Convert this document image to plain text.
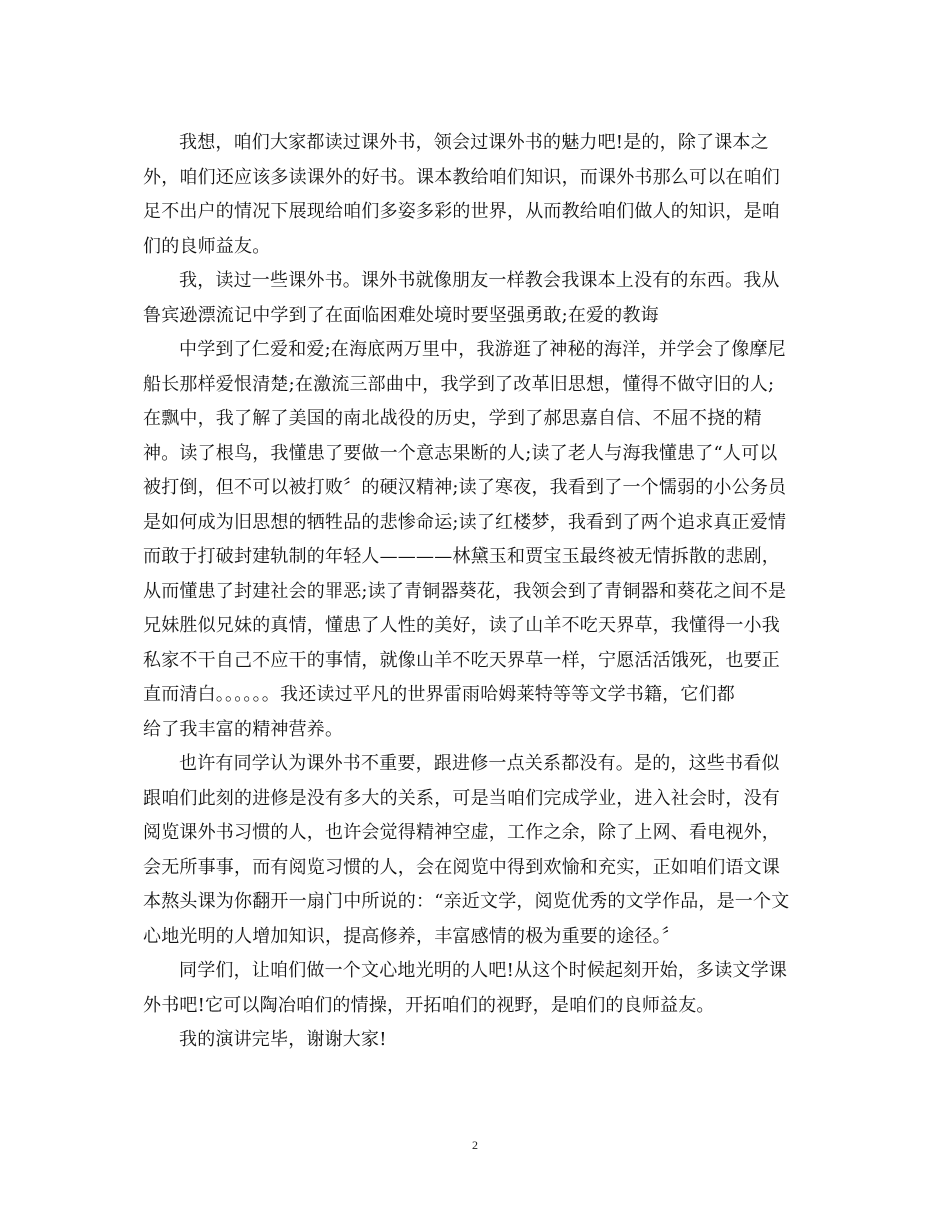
我想，咱们大家都读过课外书，领会过课外书的魅力吧!是的，除了课本之
外，咱们还应该多读课外的好书。课本教给咱们知识，而课外书那么可以在咱们
足不出户的情况下展现给咱们多姿多彩的世界，从而教给咱们做人的知识，是咱
们的良师益友。
我，读过一些课外书。课外书就像朋友一样教会我课本上没有的东西。我从
鲁宾逊漂流记中学到了在面临困难处境时要坚强勇敢;在爱的教诲
中学到了仁爱和爱;在海底两万里中，我游逛了神秘的海洋，并学会了像摩尼
船长那样爱恨清楚;在激流三部曲中，我学到了改革旧思想，懂得不做守旧的人;
在飘中，我了解了美国的南北战役的历史，学到了郝思嘉自信、不屈不挠的精
神。读了根鸟，我懂患了要做一个意志果断的人;读了老人与海我懂患了“人可以
被打倒，但不可以被打败〞的硬汉精神;读了寒夜，我看到了一个懦弱的小公务员
是如何成为旧思想的牺牲品的悲惨命运;读了红楼梦，我看到了两个追求真正爱情
而敢于打破封建轨制的年轻人————林黛玉和贾宝玉最终被无情拆散的悲剧，
从而懂患了封建社会的罪恶;读了青铜器葵花，我领会到了青铜器和葵花之间不是
兄妹胜似兄妹的真情，懂患了人性的美好，读了山羊不吃天界草，我懂得一小我
私家不干自己不应干的事情，就像山羊不吃天界草一样，宁愿活活饿死，也要正
直而清白。。。。。。我还读过平凡的世界雷雨哈姆莱特等等文学书籍，它们都
给了我丰富的精神营养。
也许有同学认为课外书不重要，跟进修一点关系都没有。是的，这些书看似
跟咱们此刻的进修是没有多大的关系，可是当咱们完成学业，进入社会时，没有
阅览课外书习惯的人，也许会觉得精神空虚，工作之余，除了上网、看电视外，
会无所事事，而有阅览习惯的人，会在阅览中得到欢愉和充实，正如咱们语文课
本熬头课为你翻开一扇门中所说的：“亲近文学，阅览优秀的文学作品，是一个文
心地光明的人增加知识，提高修养，丰富感情的极为重要的途径。〞
同学们，让咱们做一个文心地光明的人吧!从这个时候起刻开始，多读文学课
外书吧!它可以陶冶咱们的情操，开拓咱们的视野，是咱们的良师益友。
我的演讲完毕，谢谢大家!
2
